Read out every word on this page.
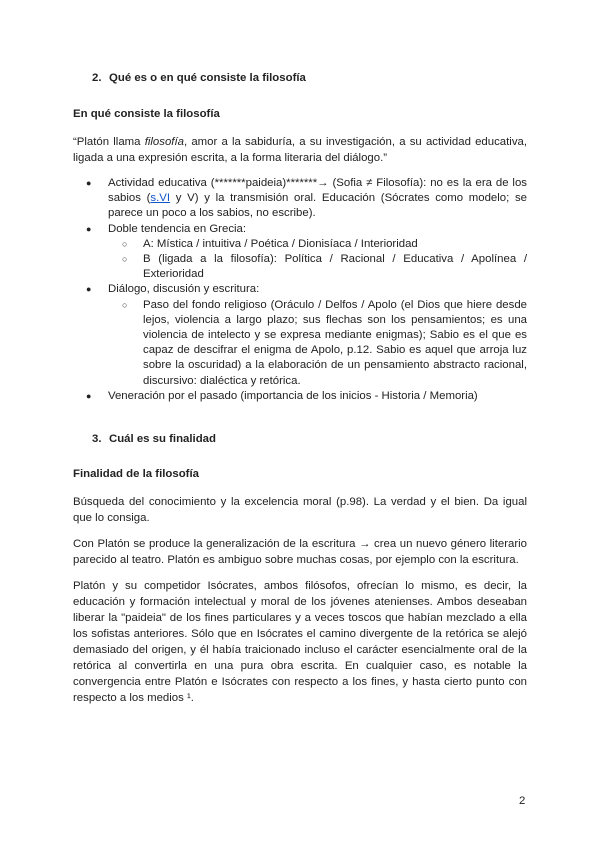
2. Qué es o en qué consiste la filosofía
En qué consiste la filosofía

“Platón llama filosofía, amor a la sabiduría, a su investigación, a su actividad educativa, ligada a una expresión escrita, a la forma literaria del diálogo.”

● Actividad educativa (*******paideia)*******→ (Sofia ≠ Filosofía): no es la era de los sabios (s.VI y V) y la transmisión oral. Educación (Sócrates como modelo; se parece un poco a los sabios, no escribe).
● Doble tendencia en Grecia:
○ A: Mística / intuitiva / Poética / Dionisíaca / Interioridad
○ B (ligada a la filosofía): Política / Racional / Educativa / Apolínea / Exterioridad
● Diálogo, discusión y escritura:
○ Paso del fondo religioso (Oráculo / Delfos / Apolo (el Dios que hiere desde lejos, violencia a largo plazo; sus flechas son los pensamientos; es una violencia de intelecto y se expresa mediante enigmas); Sabio es el que es capaz de descifrar el enigma de Apolo, p.12. Sabio es aquel que arroja luz sobre la oscuridad) a la elaboración de un pensamiento abstracto racional, discursivo: dialéctica y retórica.
● Veneración por el pasado (importancia de los inicios - Historia / Memoria)
3. Cuál es su finalidad
Finalidad de la filosofía

Búsqueda del conocimiento y la excelencia moral (p.98). La verdad y el bien. Da igual que lo consiga.

Con Platón se produce la generalización de la escritura → crea un nuevo género literario parecido al teatro. Platón es ambiguo sobre muchas cosas, por ejemplo con la escritura.

Platón y su competidor Isócrates, ambos filósofos, ofrecían lo mismo, es decir, la educación y formación intelectual y moral de los jóvenes atenienses. Ambos deseaban liberar la "paideia" de los fines particulares y a veces toscos que habían mezclado a ella los sofistas anteriores. Sólo que en Isócrates el camino divergente de la retórica se alejó demasiado del origen, y él había traicionado incluso el carácter esencialmente oral de la retórica al convertirla en una pura obra escrita. En cualquier caso, es notable la convergencia entre Platón e Isócrates con respecto a los fines, y hasta cierto punto con respecto a los medios ¹.

2
